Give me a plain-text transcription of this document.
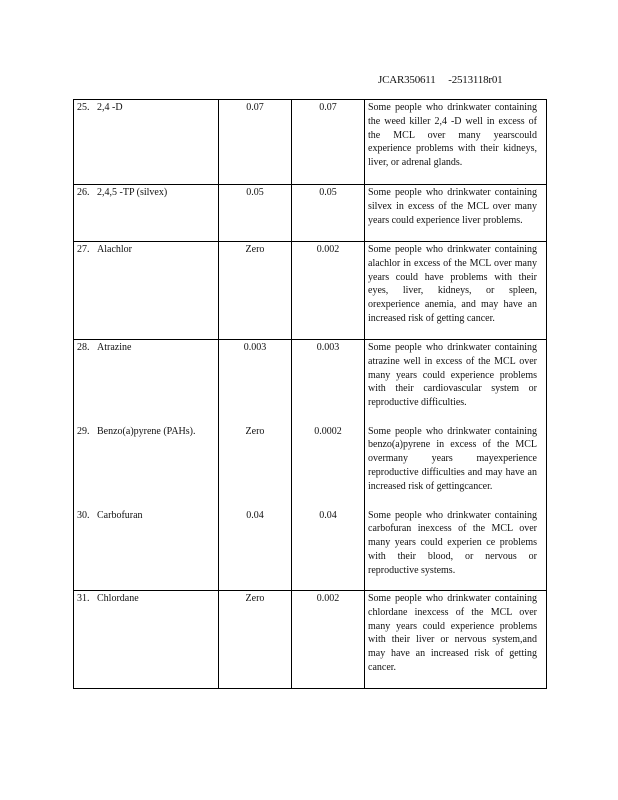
JCAR350611     -2513118r01
25. 2,4 -D	0.07	0.07	Some people who drinkwater containing the weed killer 2,4 -D well in excess of the MCL over many yearscould experience problems with their kidneys, liver, or adrenal glands.

26. 2,4,5 -TP (silvex)	0.05	0.05	Some people who drinkwater containing silvex in excess of the MCL over many years could experience liver problems.

27. Alachlor	Zero	0.002	Some people who drinkwater containing alachlor in excess of the MCL over many years could have problems with their eyes, liver, kidneys, or spleen, orexperience anemia, and may have an increased risk of getting cancer.

28. Atrazine	0.003	0.003	Some people who drinkwater containing atrazine well in excess of the MCL over many years could experience problems with their cardiovascular system or reproductive difficulties.

29. Benzo(a)pyrene (PAHs).	Zero	0.0002	Some people who drinkwater containing benzo(a)pyrene in excess of the MCL overmany years mayexperience reproductive difficulties and may have an increased risk of gettingcancer.

30. Carbofuran	0.04	0.04	Some people who drinkwater containing carbofuran inexcess of the MCL over many years could experien ce problems with their blood, or nervous or reproductive systems.

31. Chlordane	Zero	0.002	Some people who drinkwater containing chlordane inexcess of the MCL over many years could experience problems with their liver or nervous system,and may have an increased risk of getting cancer.
